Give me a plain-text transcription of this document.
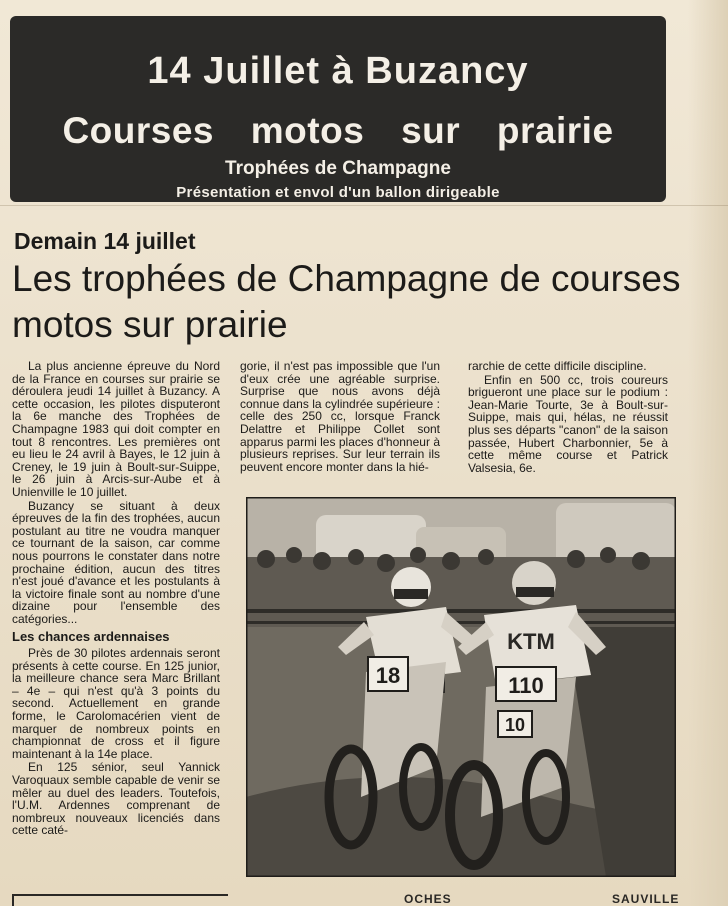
14 Juillet à Buzancy
Courses motos sur prairie
Trophées de Champagne
Présentation et envol d'un ballon dirigeable
Demain 14 juillet
Les trophées de Champagne de courses motos sur prairie

La plus ancienne épreuve du Nord de la France en courses sur prairie se déroulera jeudi 14 juillet à Buzancy. A cette occasion, les pilotes disputeront la 6e manche des Trophées de Champagne 1983 qui doit compter en tout 8 rencontres. Les premières ont eu lieu le 24 avril à Bayes, le 12 juin à Creney, le 19 juin à Boult-sur-Suippe, le 26 juin à Arcis-sur-Aube et à Unienville le 10 juillet.

Buzancy se situant à deux épreuves de la fin des trophées, aucun postulant au titre ne voudra manquer ce tournant de la saison, car comme nous pourrons le constater dans notre prochaine édition, aucun des titres n'est joué d'avance et les postulants à la victoire finale sont au nombre d'une dizaine pour l'ensemble des catégories...

Les chances ardennaises

Près de 30 pilotes ardennais seront présents à cette course. En 125 junior, la meilleure chance sera Marc Brillant – 4e – qui n'est qu'à 3 points du second. Actuellement en grande forme, le Carolomacérien vient de marquer de nombreux points en championnat de cross et il figure maintenant à la 14e place.

En 125 sénior, seul Yannick Varoquaux semble capable de venir se mêler au duel des leaders. Toutefois, l'U.M. Ardennes comprenant de nombreux nouveaux licenciés dans cette caté-

gorie, il n'est pas impossible que l'un d'eux crée une agréable surprise. Surprise que nous avons déjà connue dans la cylindrée supérieure : celle des 250 cc, lorsque Franck Delattre et Philippe Collet sont apparus parmi les places d'honneur à plusieurs reprises. Sur leur terrain ils peuvent encore monter dans la hié-

rarchie de cette difficile discipline.

Enfin en 500 cc, trois coureurs brigueront une place sur le podium : Jean-Marie Tourte, 3e à Boult-sur-Suippe, mais qui, hélas, ne réussit plus ses départs "canon" de la saison passée, Hubert Charbonnier, 5e à cette même course et Patrick Valsesia, 6e.

18
KTM
110
10
OCHES	SAUVILLE
